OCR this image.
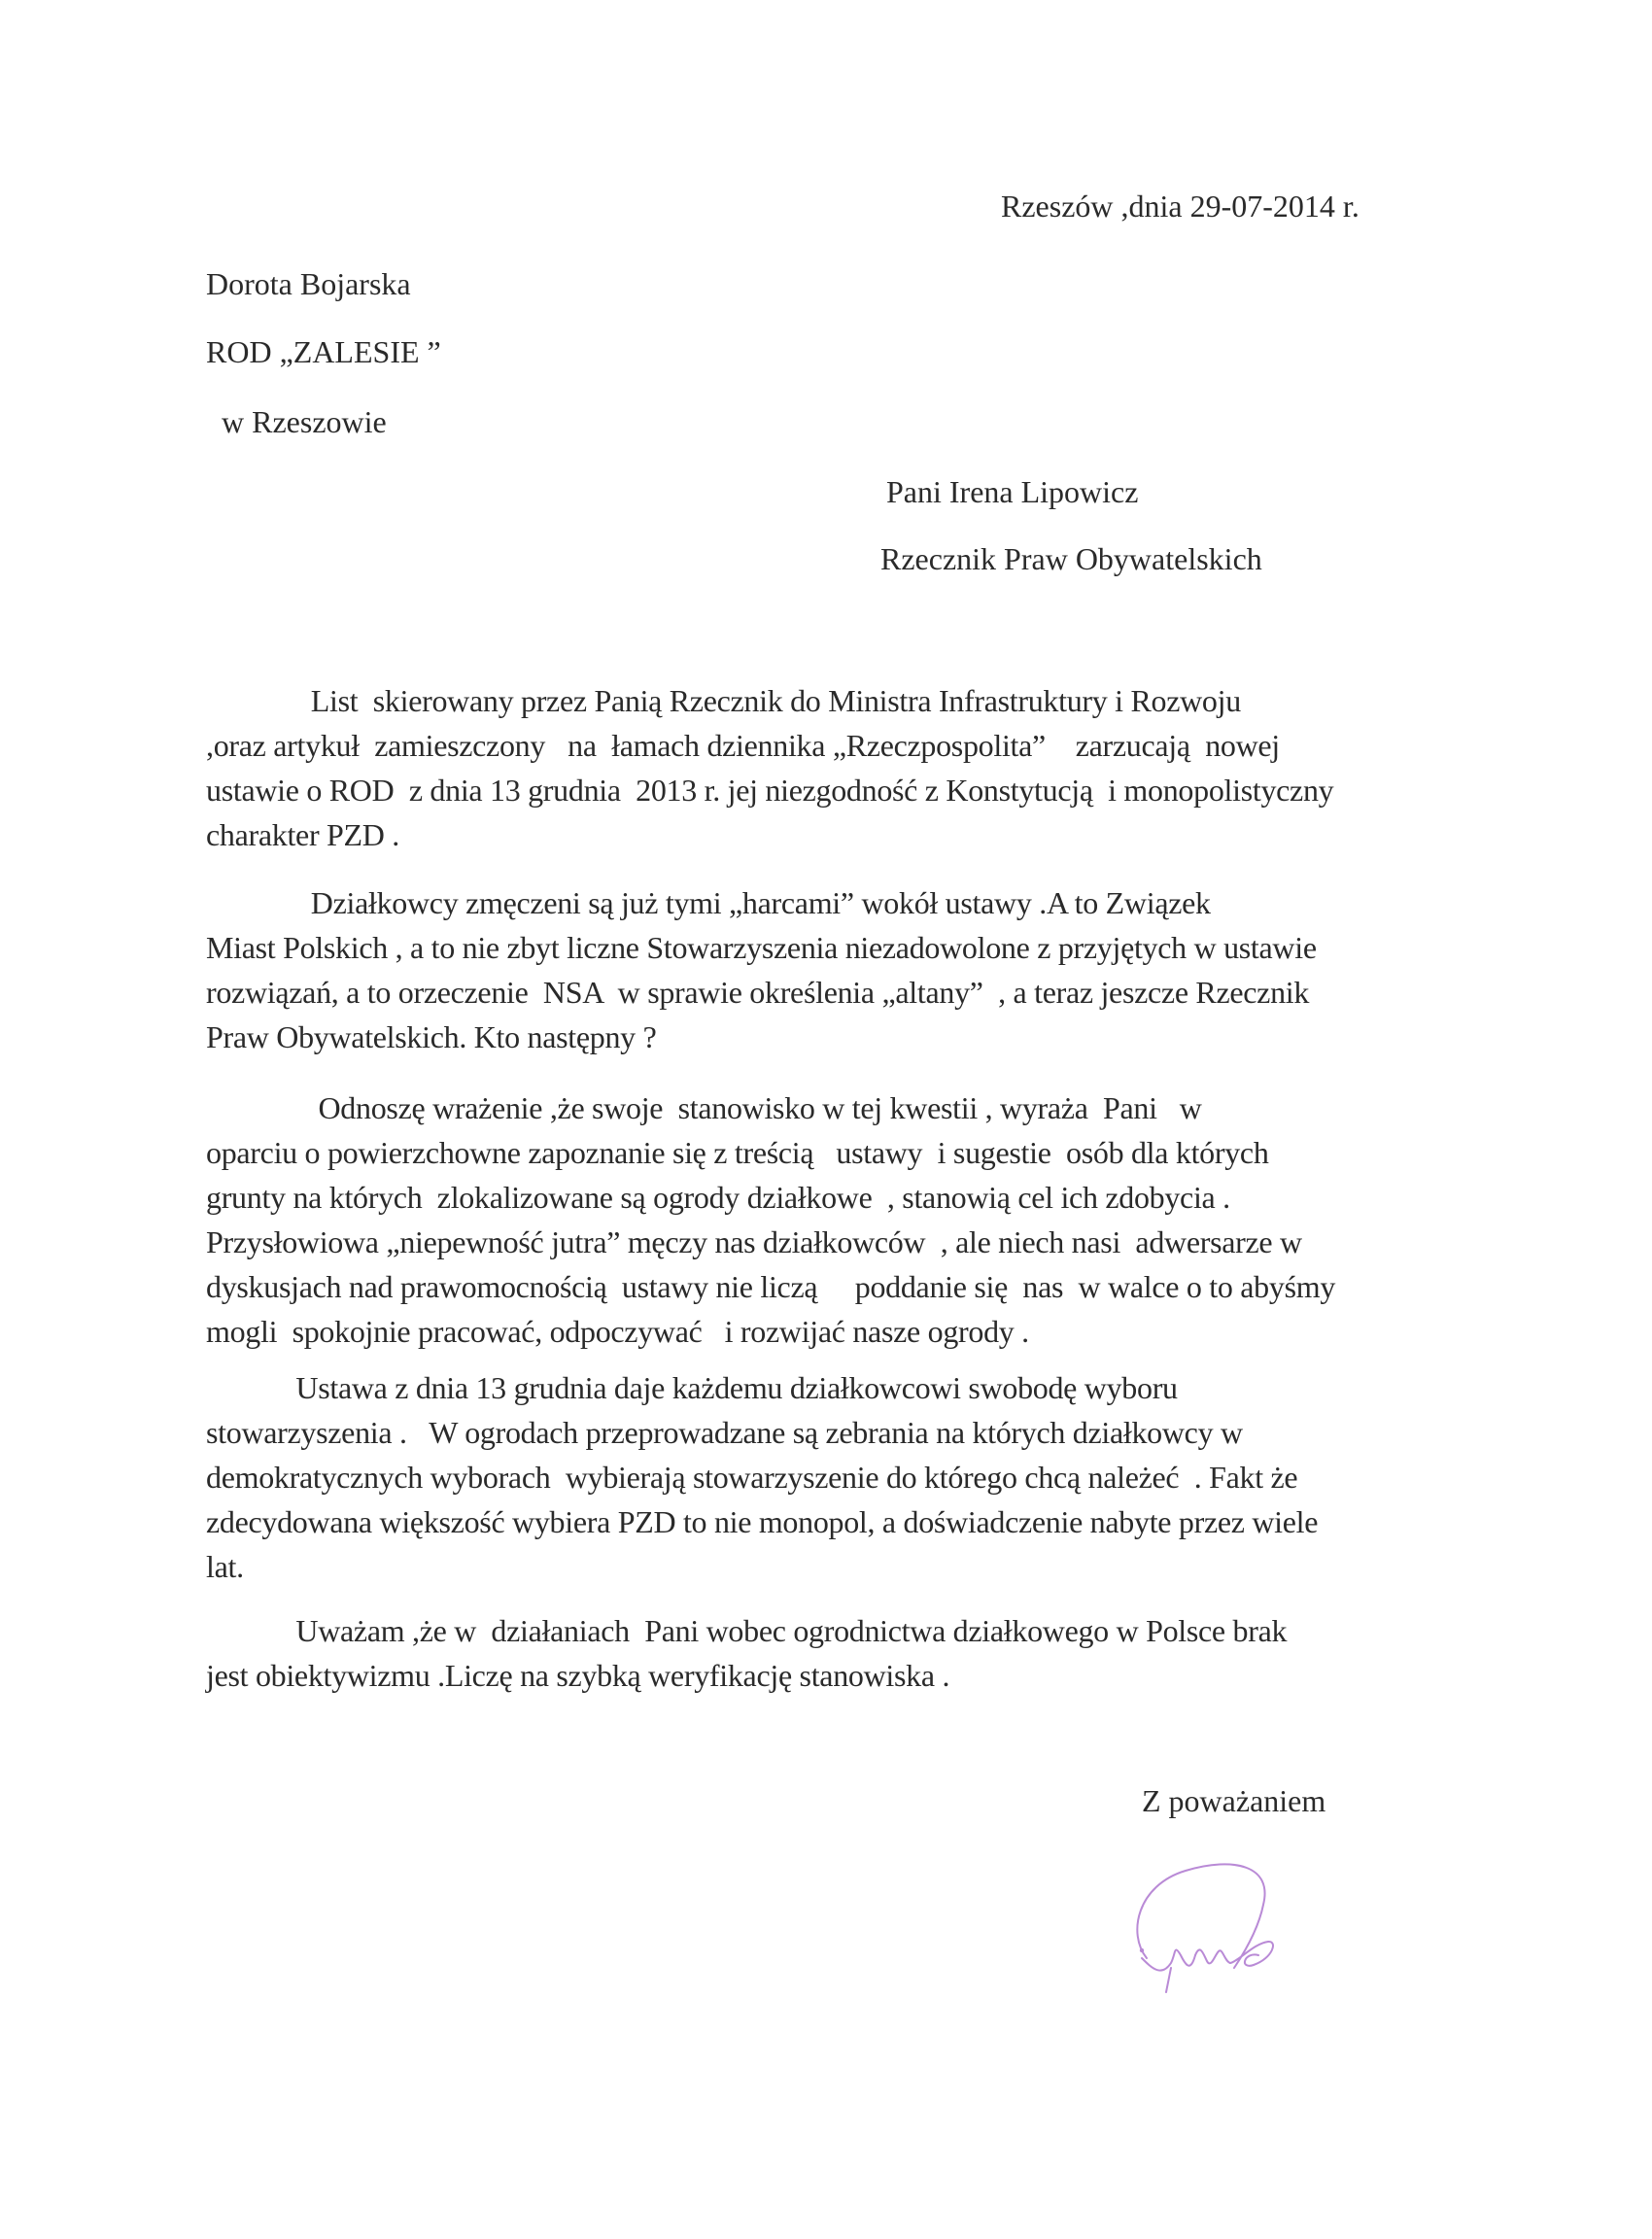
Rzeszów ,dnia 29-07-2014 r.
Dorota Bojarska
ROD „ZALESIE ”
w Rzeszowie
Pani Irena Lipowicz
Rzecznik Praw Obywatelskich
List  skierowany przez Panią Rzecznik do Ministra Infrastruktury i Rozwoju
,oraz artykuł  zamieszczony   na  łamach dziennika „Rzeczpospolita”    zarzucają  nowej
ustawie o ROD  z dnia 13 grudnia  2013 r. jej niezgodność z Konstytucją  i monopolistyczny
charakter PZD .
Działkowcy zmęczeni są już tymi „harcami” wokół ustawy .A to Związek
Miast Polskich , a to nie zbyt liczne Stowarzyszenia niezadowolone z przyjętych w ustawie
rozwiązań, a to orzeczenie  NSA  w sprawie określenia „altany”  , a teraz jeszcze Rzecznik
Praw Obywatelskich. Kto następny ?
Odnoszę wrażenie ,że swoje  stanowisko w tej kwestii , wyraża  Pani   w
oparciu o powierzchowne zapoznanie się z treścią   ustawy  i sugestie  osób dla których
grunty na których  zlokalizowane są ogrody działkowe  , stanowią cel ich zdobycia .
Przysłowiowa „niepewność jutra” męczy nas działkowców  , ale niech nasi  adwersarze w
dyskusjach nad prawomocnością  ustawy nie liczą     poddanie się  nas  w walce o to abyśmy
mogli  spokojnie pracować, odpoczywać   i rozwijać nasze ogrody .
Ustawa z dnia 13 grudnia daje każdemu działkowcowi swobodę wyboru
stowarzyszenia .   W ogrodach przeprowadzane są zebrania na których działkowcy w
demokratycznych wyborach  wybierają stowarzyszenie do którego chcą należeć  . Fakt że
zdecydowana większość wybiera PZD to nie monopol, a doświadczenie nabyte przez wiele
lat.
Uważam ,że w  działaniach  Pani wobec ogrodnictwa działkowego w Polsce brak
jest obiektywizmu .Liczę na szybką weryfikację stanowiska .
Z poważaniem
